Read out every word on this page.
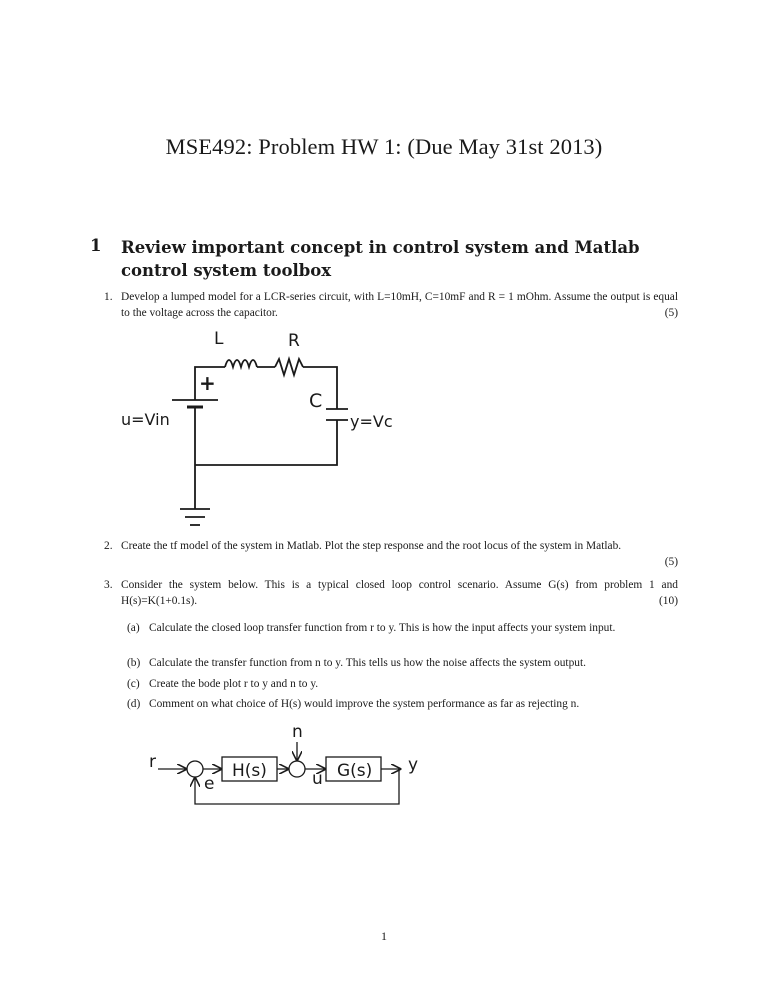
MSE492: Problem HW 1: (Due May 31st 2013)
1 Review important concept in control system and Matlab control system toolbox
1. Develop a lumped model for a LCR-series circuit, with L=10mH, C=10mF and R = 1 mOhm. Assume the output is equal to the voltage across the capacitor.	(5)
L	R
C
+
u=Vin	y=Vc
2. Create the tf model of the system in Matlab. Plot the step response and the root locus of the system in Matlab.
(5)
3. Consider the system below. This is a typical closed loop control scenario. Assume G(s) from problem 1 and H(s)=K(1+0.1s).	(10)
(a) Calculate the closed loop transfer function from r to y. This is how the input affects your system input.
(b) Calculate the transfer function from n to y. This tells us how the noise affects the system output.
(c) Create the bode plot r to y and n to y.
(d) Comment on what choice of H(s) would improve the system performance as far as rejecting n.
r
n
e	u
y
H(s)	G(s)
1
